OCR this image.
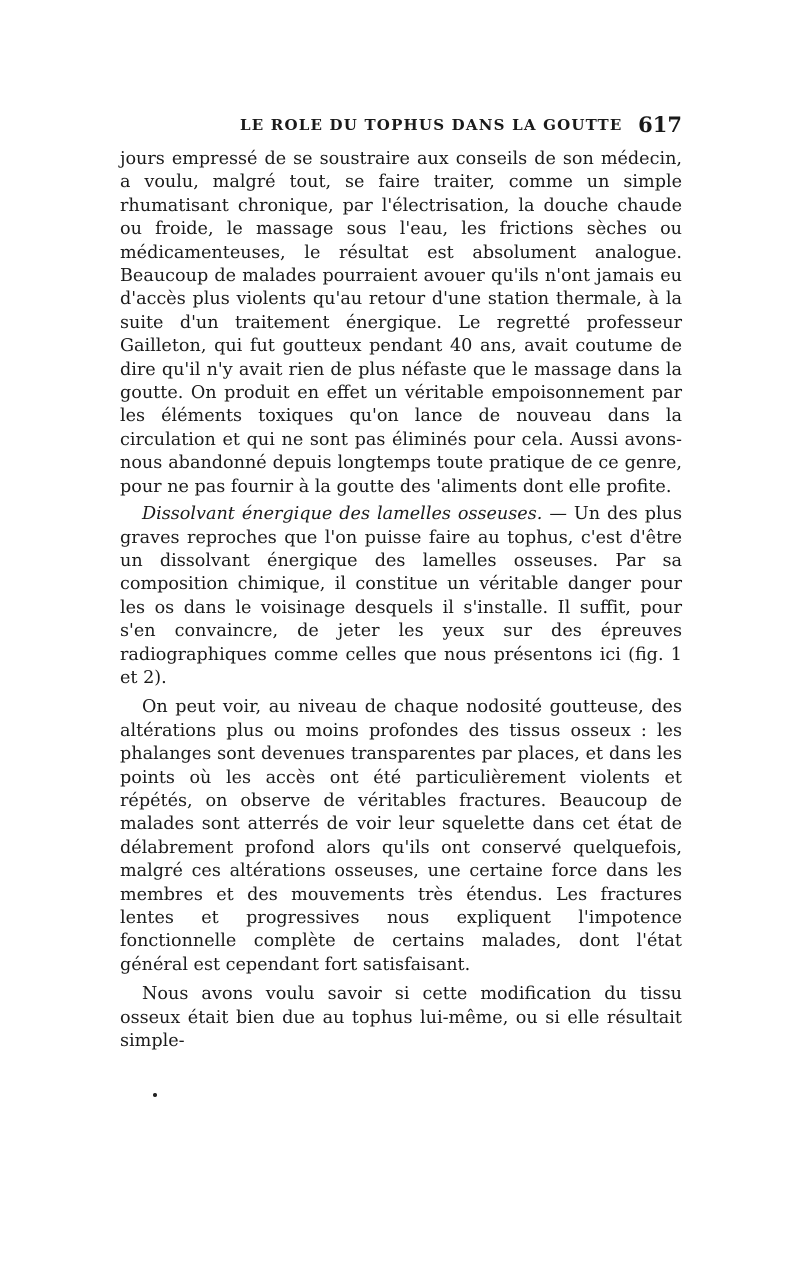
LE ROLE DU TOPHUS DANS LA GOUTTE 617

jours empressé de se soustraire aux conseils de son médecin, a voulu, malgré tout, se faire traiter, comme un simple rhumatisant chronique, par l'électrisation, la douche chaude ou froide, le massage sous l'eau, les frictions sèches ou médicamenteuses, le résultat est absolument analogue. Beaucoup de malades pourraient avouer qu'ils n'ont jamais eu d'accès plus violents qu'au retour d'une station thermale, à la suite d'un traitement énergique. Le regretté professeur Gailleton, qui fut goutteux pendant 40 ans, avait coutume de dire qu'il n'y avait rien de plus néfaste que le massage dans la goutte. On produit en effet un véritable empoisonnement par les éléments toxiques qu'on lance de nouveau dans la circulation et qui ne sont pas éliminés pour cela. Aussi avons-nous abandonné depuis longtemps toute pratique de ce genre, pour ne pas fournir à la goutte des 'aliments dont elle profite.

Dissolvant énergique des lamelles osseuses. — Un des plus graves reproches que l'on puisse faire au tophus, c'est d'être un dissolvant énergique des lamelles osseuses. Par sa composition chimique, il constitue un véritable danger pour les os dans le voisinage desquels il s'installe. Il suffit, pour s'en convaincre, de jeter les yeux sur des épreuves radiographiques comme celles que nous présentons ici (fig. 1 et 2).

On peut voir, au niveau de chaque nodosité goutteuse, des altérations plus ou moins profondes des tissus osseux : les phalanges sont devenues transparentes par places, et dans les points où les accès ont été particulièrement violents et répétés, on observe de véritables fractures. Beaucoup de malades sont atterrés de voir leur squelette dans cet état de délabrement profond alors qu'ils ont conservé quelquefois, malgré ces altérations osseuses, une certaine force dans les membres et des mouvements très étendus. Les fractures lentes et progressives nous expliquent l'impotence fonctionnelle complète de certains malades, dont l'état général est cependant fort satisfaisant.

Nous avons voulu savoir si cette modification du tissu osseux était bien due au tophus lui-même, ou si elle résultait simple-
